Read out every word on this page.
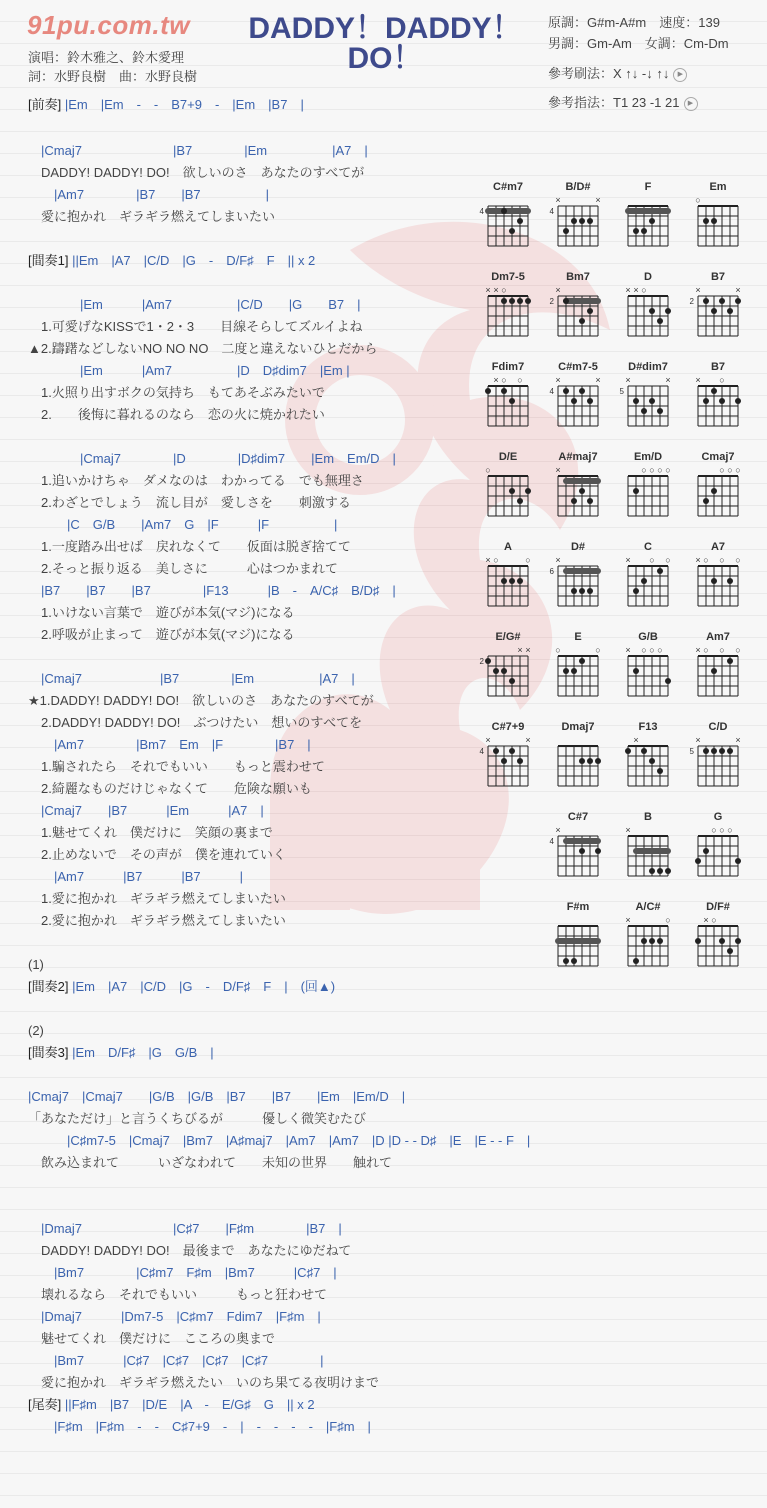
91pu.com.tw DADDY！DADDY！DO！
演唱：鈴木雅之、鈴木愛理
詞：水野良樹　曲：水野良樹
原調：G#m-A#m　 速度：139
男調：Gm-Am　 女調：Cm-Dm
參考刷法：X ↑↓ -↓ ↑↓ ▶
參考指法：T1 23 -1 21 ▶
[前奏] |Em　|Em　-　-　B7+9　-　|Em　|B7　|
　|Cmaj7　　　　　　　|B7　　　　|Em　　　　　|A7　|
　DADDY! DADDY! DO!　欲しいのさ　あなたのすべてが
　　|Am7　　　　|B7　　|B7　　　　　|
　愛に抱かれ　ギラギラ燃えてしまいたい
[間奏1] ||Em　|A7　|C/D　|G　-　D/F♯　F　|| x 2
　　　　|Em　　　|Am7　　　　　|C/D　　|G　　B7　|
　1.可愛げなKISSで1・2・3　　目線そらしてズルイよね
▲2.躊躇などしないNO NO NO　二度と違えないひとだから
　　　　|Em　　　|Am7　　　　　|D　D♯dim7　|Em |
　1.火照り出すボクの気持ち　もてあそぶみたいで
　2.　　後悔に暮れるのなら　恋の火に焼かれたい
　　　　|Cmaj7　　　　|D　　　　|D♯dim7　　|Em　Em/D　|
　1.追いかけちゃ　ダメなのは　わかってる　でも無理さ
　2.わざとでしょう　流し目が　愛しさを　　刺激する
　　　|C　G/B　　|Am7　G　|F　　　|F　　　　　|
　1.一度踏み出せば　戻れなくて　　仮面は脱ぎ捨てて
　2.そっと振り返る　美しさに　　　心はつかまれて
　|B7　　|B7　　|B7　　　　|F13　　　|B　-　A/C♯　B/D♯　|
　1.いけない言葉で　遊びが本気(マジ)になる
　2.呼吸が止まって　遊びが本気(マジ)になる
　|Cmaj7　　　　　　|B7　　　　|Em　　　　　|A7　|
★1.DADDY! DADDY! DO!　欲しいのさ　あなたのすべてが
　2.DADDY! DADDY! DO!　ぶつけたい　想いのすべてを
　　|Am7　　　　|Bm7　Em　|F　　　　|B7　|
　1.騙されたら　それでもいい　　もっと震わせて
　2.綺麗なものだけじゃなくて　　危険な願いも
　|Cmaj7　　|B7　　　|Em　　　|A7　|
　1.魅せてくれ　僕だけに　笑顔の裏まで
　2.止めないで　その声が　僕を連れていく
　　|Am7　　　|B7　　　|B7　　　|
　1.愛に抱かれ　ギラギラ燃えてしまいたい
　2.愛に抱かれ　ギラギラ燃えてしまいたい
(1)
[間奏2] |Em　|A7　|C/D　|G　-　D/F♯　F　|　(回▲)
(2)
[間奏3] |Em　D/F♯　|G　G/B　|
|Cmaj7　|Cmaj7　　|G/B　|G/B　|B7　　|B7　　|Em　|Em/D　|
「あなただけ」と言うくちびるが　　　優しく微笑むたび
　　　|C♯m7-5　|Cmaj7　|Bm7　|A♯maj7　|Am7　|Am7　|D |D - - D♯　|E　|E - - F　|
　飲み込まれて　　　いざなわれて　　未知の世界　　触れて
　|Dmaj7　　　　　　　|C♯7　　|F♯m　　　　|B7　|
　DADDY! DADDY! DO!　最後まで　あなたにゆだねて
　　|Bm7　　　　|C♯m7　F♯m　|Bm7　　　|C♯7　|
　壊れるなら　それでもいい　　　もっと狂わせて
　|Dmaj7　　　|Dm7-5　|C♯m7　Fdim7　|F♯m　|
　魅せてくれ　僕だけに　こころの奥まで
　　|Bm7　　　|C♯7　|C♯7　|C♯7　|C♯7　　　　|
　愛に抱かれ　ギラギラ燃えたい　いのち果てる夜明けまで
[尾奏] ||F♯m　|B7　|D/E　|A　-　E/G♯　G　|| x 2
　　|F♯m　|F♯m　-　-　C♯7+9　-　|　-　-　-　-　|F♯m　|
C#m7
4
B/D#
×	×
4
F	Em
○
Dm7-5
× × ○
Bm7
×
2
D
× × ○
B7
×	×
2
Fdim7
× ○ ○
C#m7-5
×	×
4
D#dim7
×	×
5
B7
× ○
D/E
○
A#maj7
×
Em/D
○ ○ ○ ○
Cmaj7
○ ○ ○
A
× ○	○
D#
×
6
C
× ○ ○
A7
× ○ ○ ○
E/G#
× ×
2
E
○	○
G/B
× ○ ○ ○
Am7
× ○ ○ ○
C#7+9
×	×
4
Dmaj7	F13
×
C/D
×	×
5
C#7
×
4
B
×
G
○ ○ ○
F#m	A/C#
×	○
D/F#
× ○
